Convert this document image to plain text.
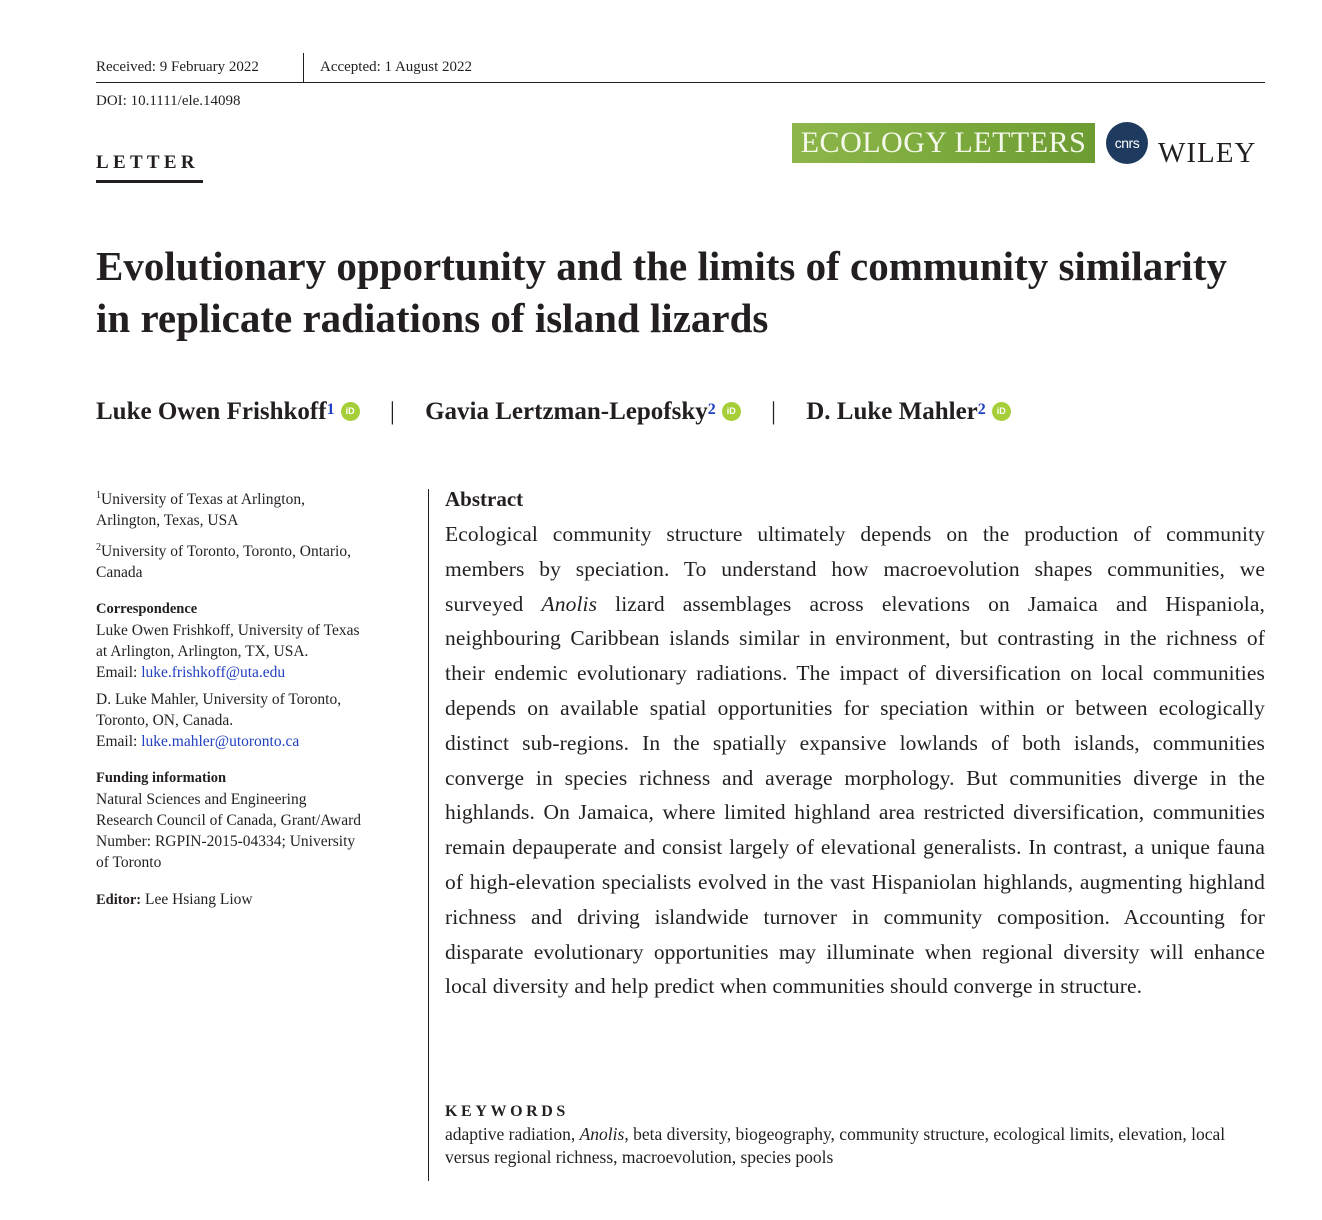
Received: 9 February 2022	Accepted: 1 August 2022
DOI: 10.1111/ele.14098
LETTER
ECOLOGY LETTERS	cnrs WILEY
Evolutionary opportunity and the limits of community similarity in replicate radiations of island lizards
Luke Owen Frishkoff$^1$ iD | Gavia Lertzman-Lepofsky$^2$ iD | D. Luke Mahler$^2$ iD

$^1$University of Texas at Arlington,
Arlington, Texas, USA

$^2$University of Toronto, Toronto, Ontario,
Canada

Correspondence

Luke Owen Frishkoff, University of Texas
at Arlington, Arlington, TX, USA.
Email: luke.frishkoff@uta.edu

D. Luke Mahler, University of Toronto,
Toronto, ON, Canada.
Email: luke.mahler@utoronto.ca

Funding information

Natural Sciences and Engineering
Research Council of Canada, Grant/Award
Number: RGPIN-2015-04334; University
of Toronto

Editor: Lee Hsiang Liow

Abstract

Ecological community structure ultimately depends on the production of community members by speciation. To understand how macroevolution shapes communities, we surveyed Anolis lizard assemblages across elevations on Jamaica and Hispaniola, neighbouring Caribbean islands similar in environment, but contrasting in the richness of their endemic evolutionary radiations. The impact of diversification on local communities depends on available spatial opportunities for speciation within or between ecologically distinct sub-regions. In the spatially expansive lowlands of both islands, communities converge in species richness and average morphology. But communities diverge in the highlands. On Jamaica, where limited highland area restricted diversification, communities remain depauperate and consist largely of elevational generalists. In contrast, a unique fauna of high-elevation specialists evolved in the vast Hispaniolan highlands, augmenting highland richness and driving islandwide turnover in community composition. Accounting for disparate evolutionary opportunities may illuminate when regional diversity will enhance local diversity and help predict when communities should converge in structure.

KEYWORDS

adaptive radiation, Anolis, beta diversity, biogeography, community structure, ecological limits, elevation, local versus regional richness, macroevolution, species pools
